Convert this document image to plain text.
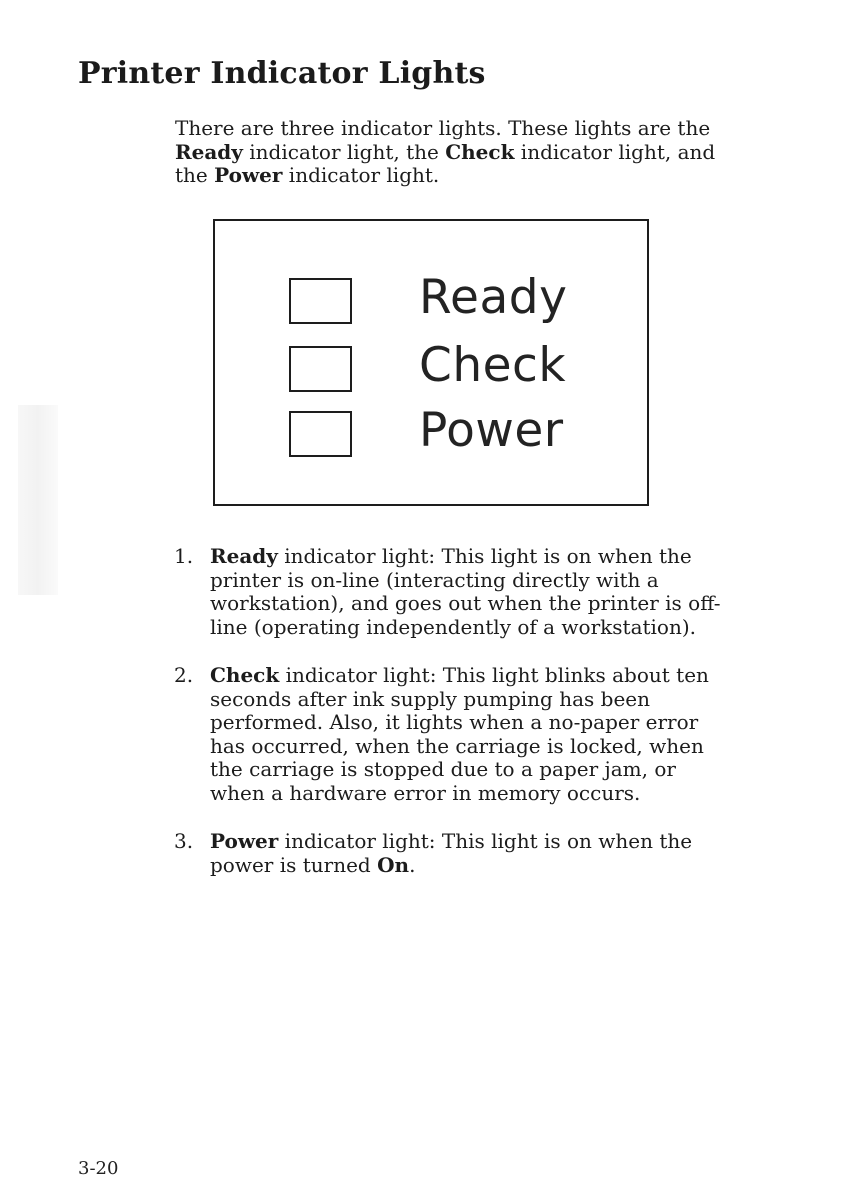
Printer Indicator Lights

There are three indicator lights. These lights are the Ready indicator light, the Check indicator light, and the Power indicator light.

Ready
Check
Power
1. Ready indicator light: This light is on when the printer is on-line (interacting directly with a workstation), and goes out when the printer is off-line (operating independently of a workstation).
2. Check indicator light: This light blinks about ten seconds after ink supply pumping has been performed. Also, it lights when a no-paper error has occurred, when the carriage is locked, when the carriage is stopped due to a paper jam, or when a hardware error in memory occurs.
3. Power indicator light: This light is on when the power is turned On.
3-20
